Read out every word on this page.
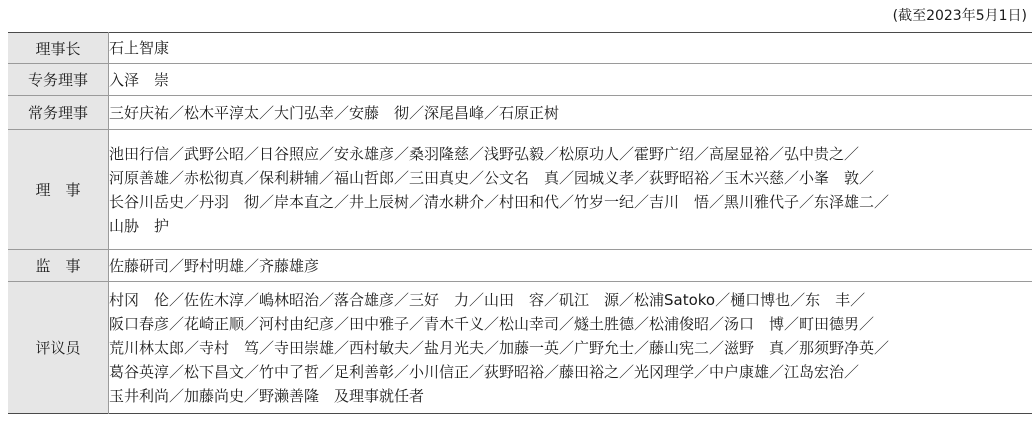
(截至2023年5月1日)
理事长	石上智康

专务理事	入泽　崇

常务理事	三好庆祐／松木平淳太／大门弘幸／安藤　彻／深尾昌峰／石原正树

理　事	池田行信／武野公昭／日谷照应／安永雄彦／桑羽隆慈／浅野弘毅／松原功人／霍野广绍／高屋显裕／弘中贵之／
河原善雄／赤松彻真／保利耕辅／福山哲郎／三田真史／公文名　真／园城义孝／荻野昭裕／玉木兴慈／小峯　敦／
长谷川岳史／丹羽　彻／岸本直之／井上辰树／清水耕介／村田和代／竹岁一纪／吉川　悟／黑川雅代子／东泽雄二／
山胁　护

监　事	佐藤研司／野村明雄／齐藤雄彦

评议员	村冈　伦／佐佐木淳／嶋林昭治／落合雄彦／三好　力／山田　容／矶江　源／松浦Satoko／樋口博也／东　丰／
阪口春彦／花崎正顺／河村由纪彦／田中雅子／青木千义／松山幸司／燧土胜德／松浦俊昭／汤口　博／町田德男／
荒川林太郎／寺村　笃／寺田崇雄／西村敏夫／盐月光夫／加藤一英／广野允士／藤山宪二／滋野　真／那须野净英／
葛谷英淳／松下昌文／竹中了哲／足利善彰／小川信正／荻野昭裕／藤田裕之／光冈理学／中户康雄／江岛宏治／
玉井利尚／加藤尚史／野濑善隆　及理事就任者
